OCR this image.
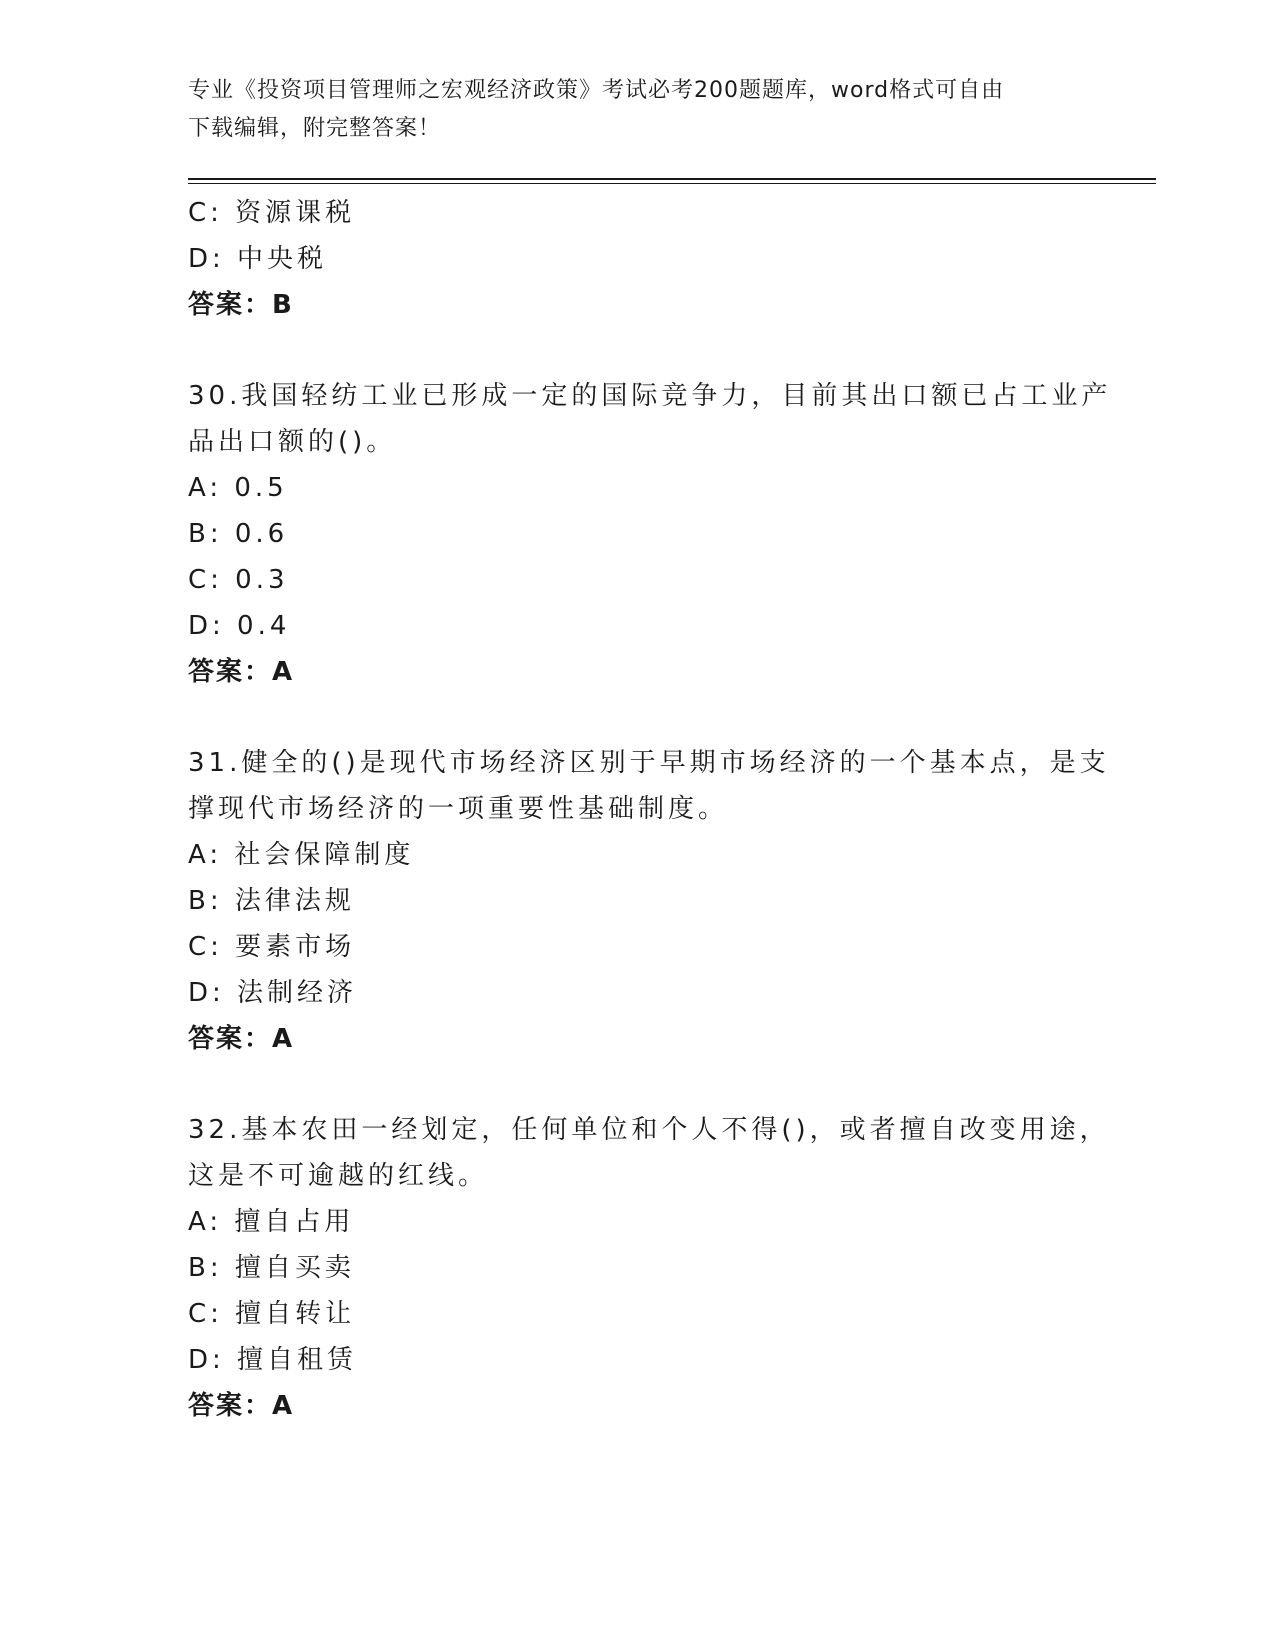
专业《投资项目管理师之宏观经济政策》考试必考200题题库，word格式可自由
下载编辑，附完整答案！
C: 资源课税
D: 中央税
答案：B
30.我国轻纺工业已形成一定的国际竞争力，目前其出口额已占工业产
品出口额的()。
A: 0.5
B: 0.6
C: 0.3
D: 0.4
答案：A
31.健全的()是现代市场经济区别于早期市场经济的一个基本点，是支
撑现代市场经济的一项重要性基础制度。
A: 社会保障制度
B: 法律法规
C: 要素市场
D: 法制经济
答案：A
32.基本农田一经划定，任何单位和个人不得()，或者擅自改变用途，
这是不可逾越的红线。
A: 擅自占用
B: 擅自买卖
C: 擅自转让
D: 擅自租赁
答案：A
